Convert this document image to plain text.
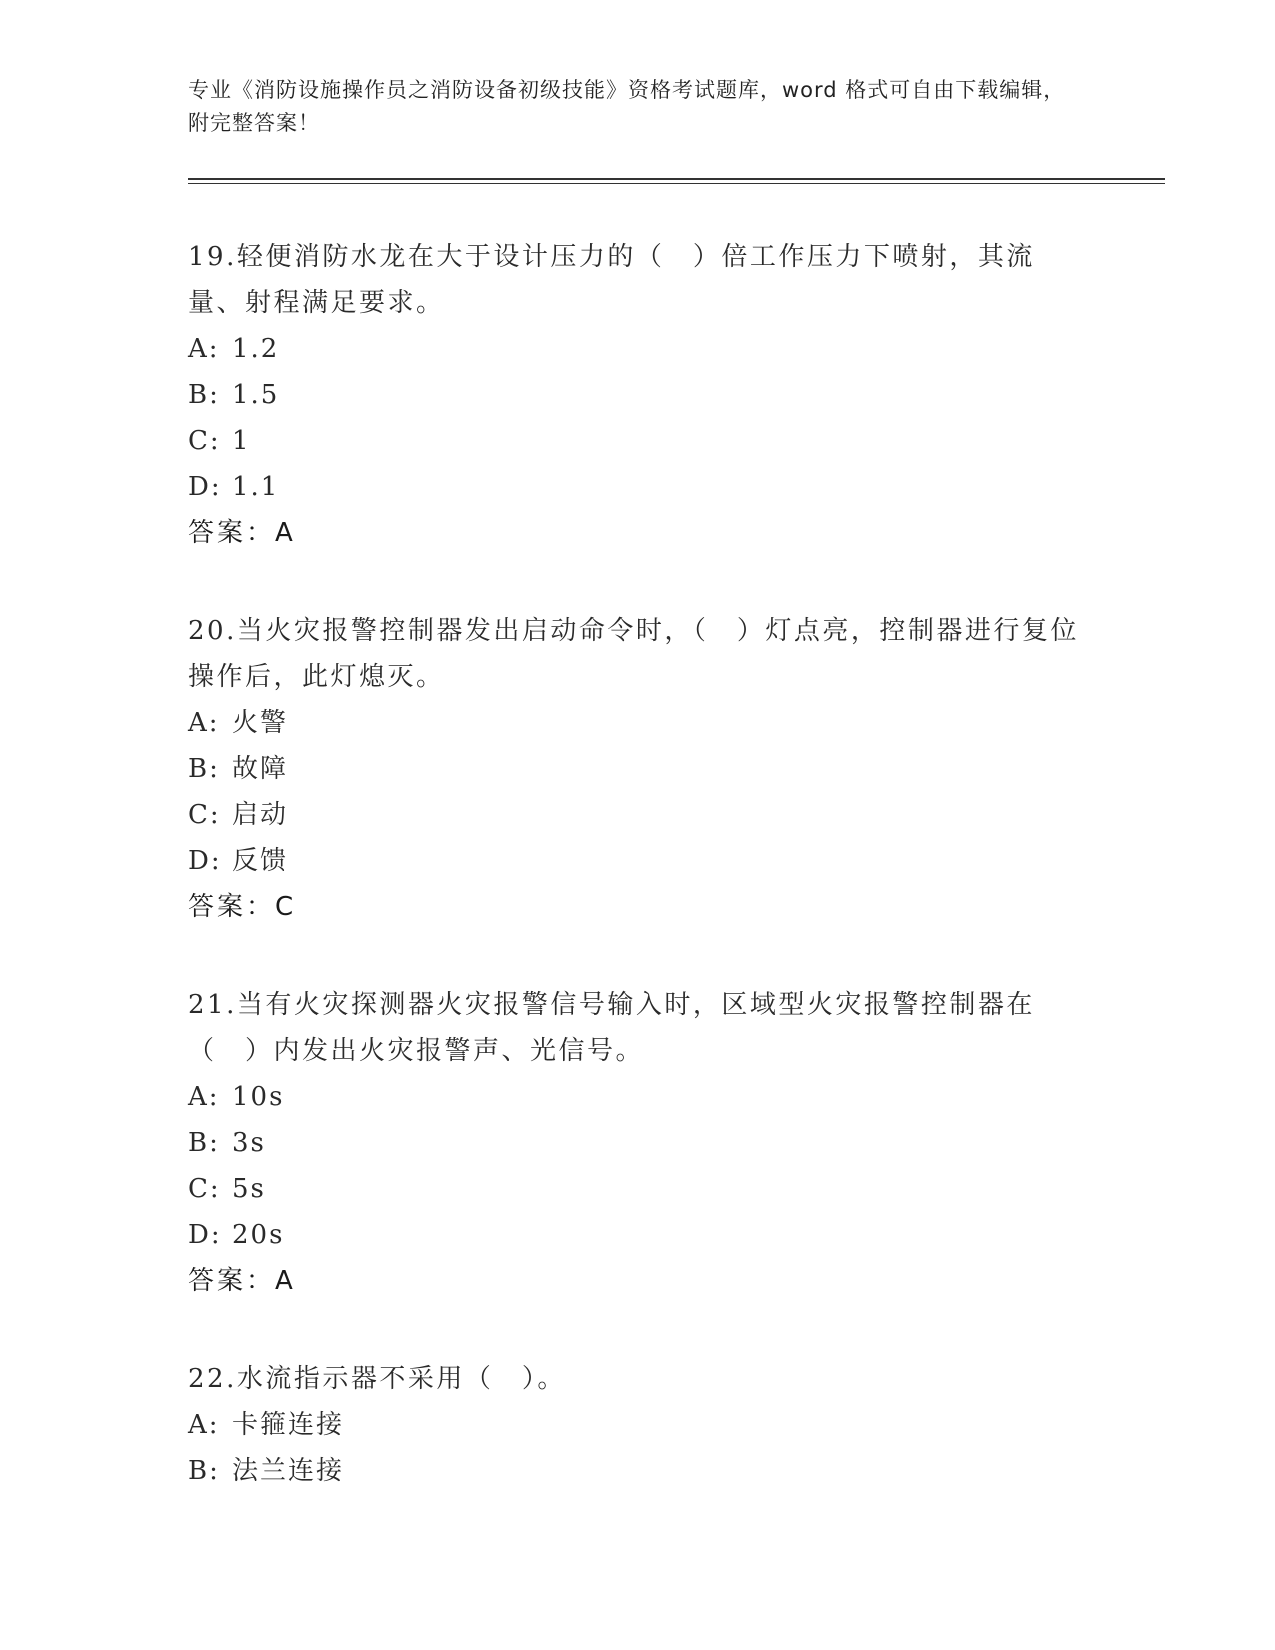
专业《消防设施操作员之消防设备初级技能》资格考试题库，word 格式可自由下载编辑，附完整答案！
19.轻便消防水龙在大于设计压力的（　）倍工作压力下喷射，其流量、射程满足要求。
A: 1.2
B: 1.5
C: 1
D: 1.1
答案：A
20.当火灾报警控制器发出启动命令时，（　）灯点亮，控制器进行复位操作后，此灯熄灭。
A: 火警
B: 故障
C: 启动
D: 反馈
答案：C
21.当有火灾探测器火灾报警信号输入时，区域型火灾报警控制器在（　）内发出火灾报警声、光信号。
A: 10s
B: 3s
C: 5s
D: 20s
答案：A
22.水流指示器不采用（　）。
A: 卡箍连接
B: 法兰连接
